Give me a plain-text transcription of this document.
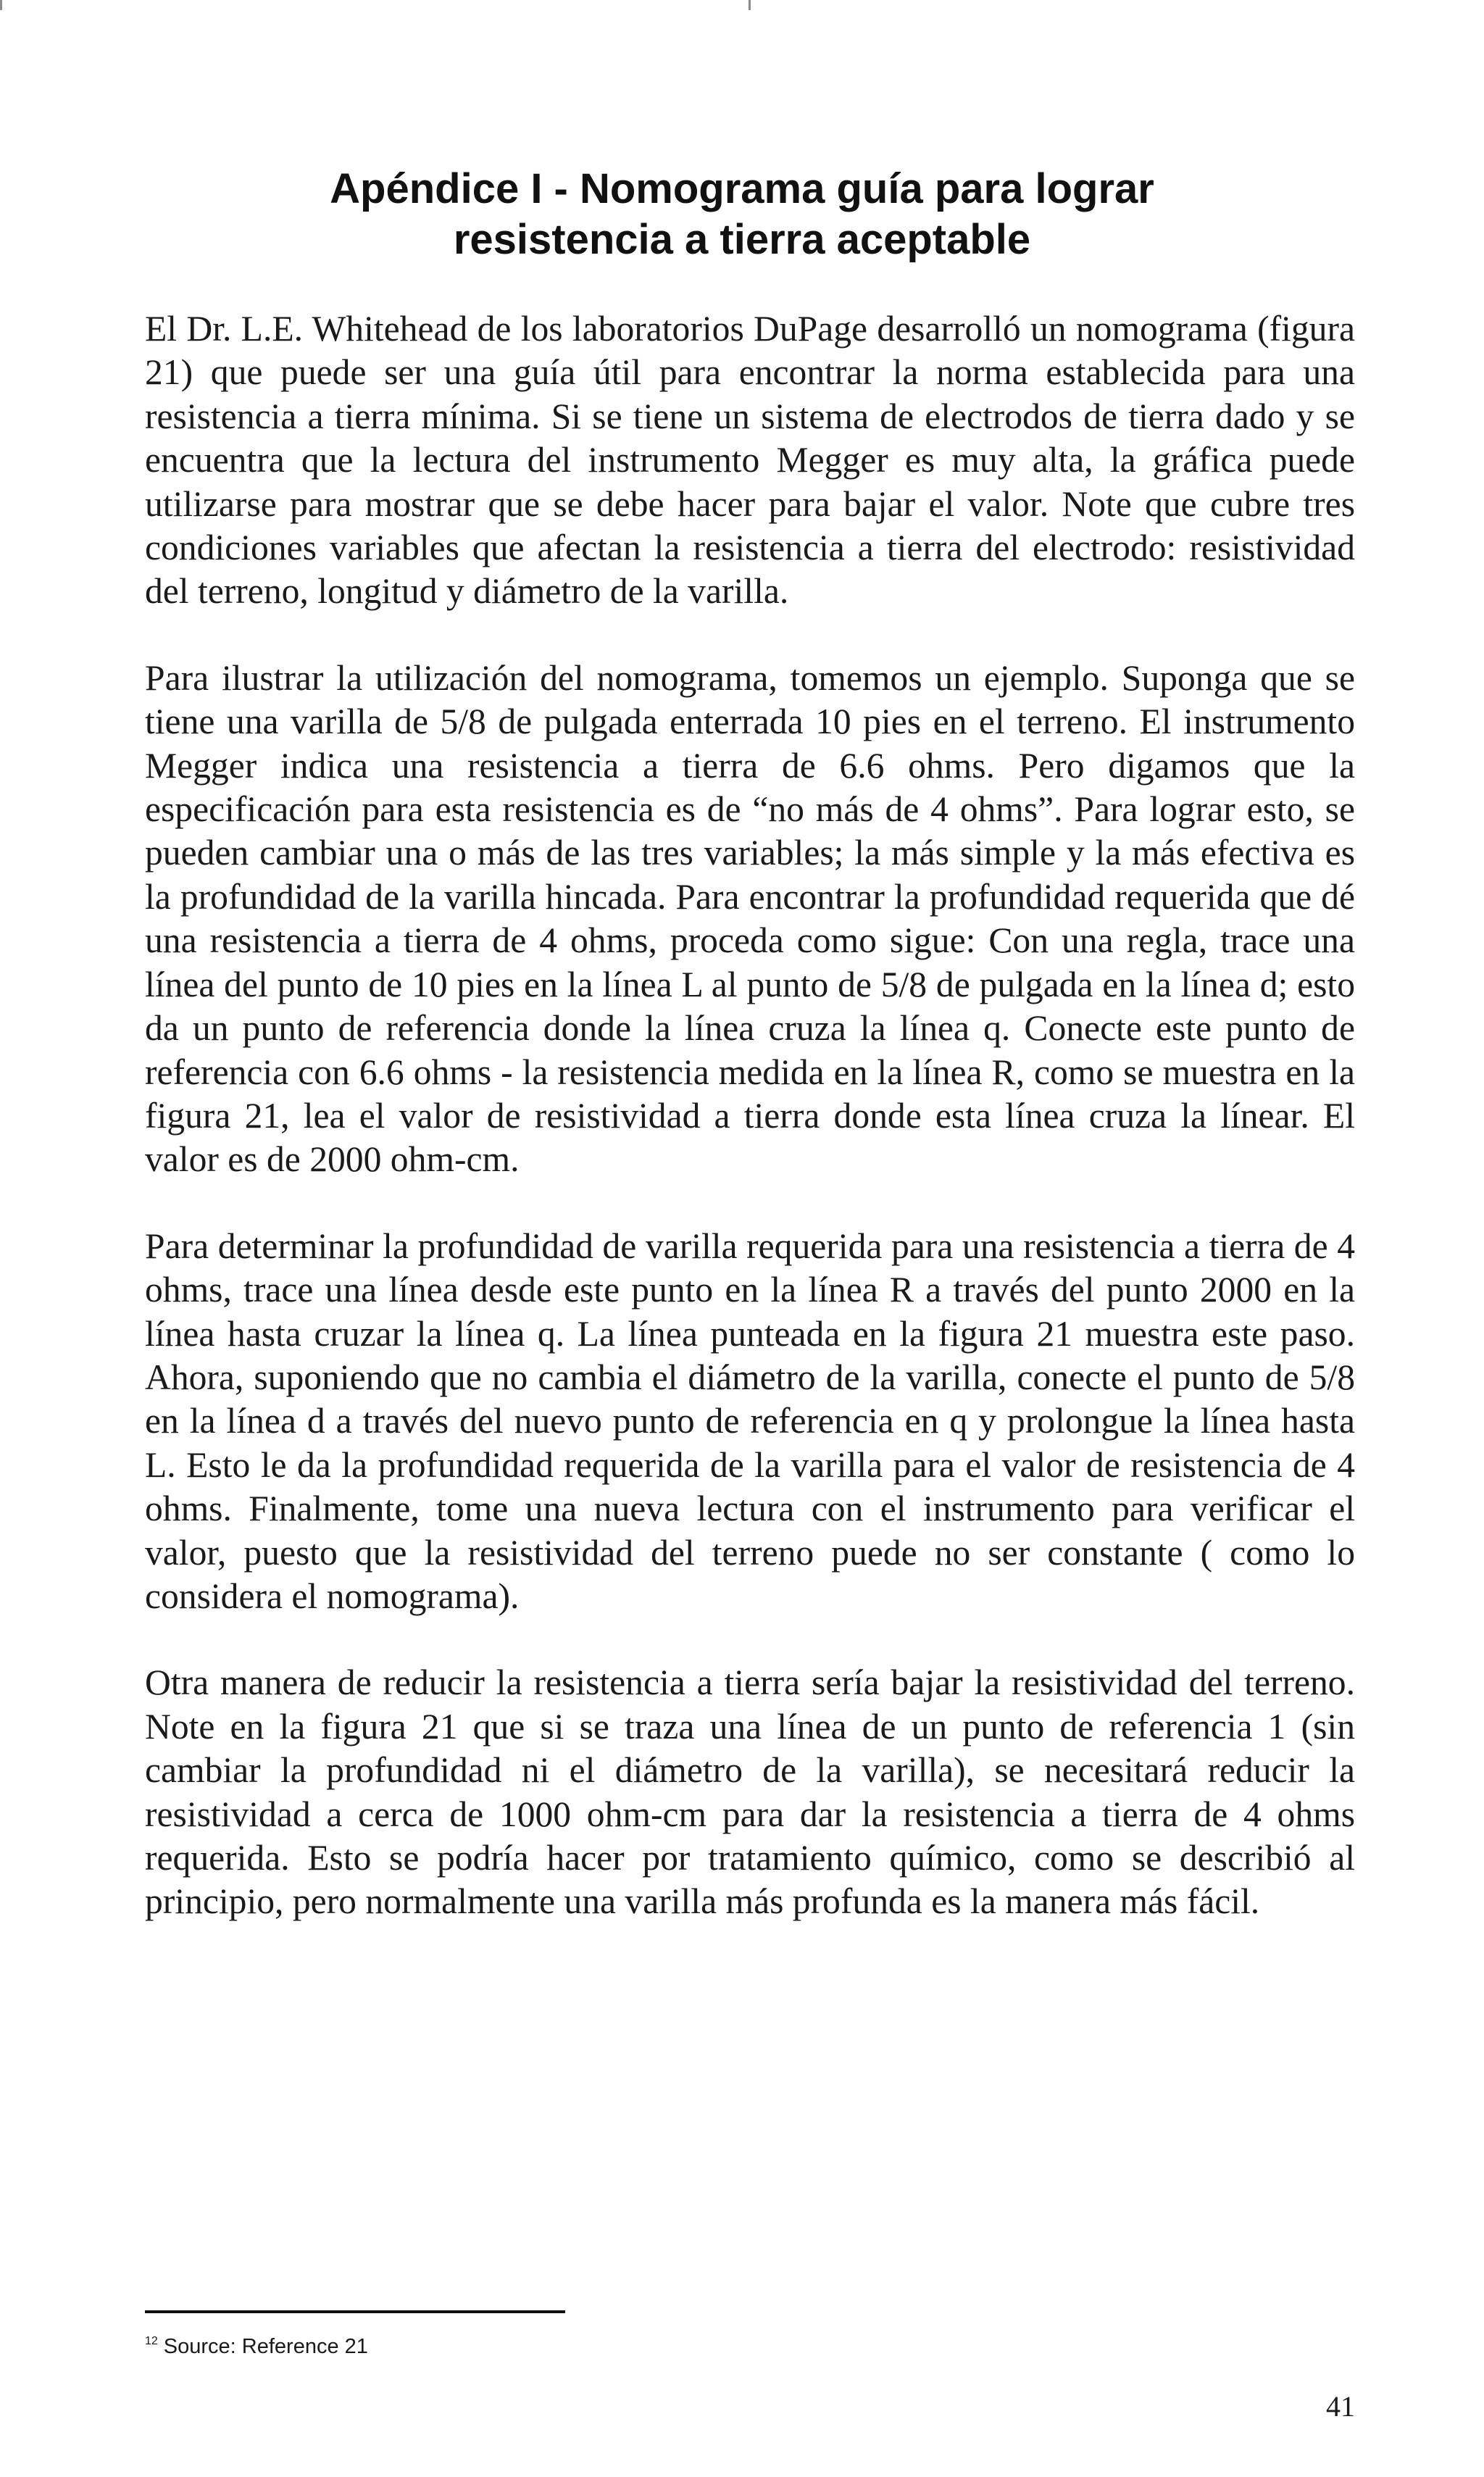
Apéndice I - Nomograma guía para lograr
resistencia a tierra aceptable

El Dr. L.E. Whitehead de los laboratorios DuPage desarrolló un nomograma (figura 21) que puede ser una guía útil para encontrar la norma establecida para una resistencia a tierra mínima. Si se tiene un sistema de electrodos de tierra dado y se encuentra que la lectura del instrumento Megger es muy alta, la gráfica puede utilizarse para mostrar que se debe hacer para bajar el valor. Note que cubre tres condiciones variables que afectan la resistencia a tierra del electrodo: resistividad del terreno, longitud y diámetro de la varilla.

Para ilustrar la utilización del nomograma, tomemos un ejemplo. Suponga que se tiene una varilla de 5/8 de pulgada enterrada 10 pies en el terreno. El instrumento Megger indica una resistencia a tierra de 6.6 ohms. Pero digamos que la especificación para esta resistencia es de “no más de 4 ohms”. Para lograr esto, se pueden cambiar una o más de las tres variables; la más simple y la más efectiva es la profundidad de la varilla hincada. Para encontrar la profundidad requerida que dé una resistencia a tierra de 4 ohms, proceda como sigue: Con una regla, trace una línea del punto de 10 pies en la línea L al punto de 5/8 de pulgada en la línea d; esto da un punto de referencia donde la línea cruza la línea q. Conecte este punto de referencia con 6.6 ohms - la resistencia medida en la línea R, como se muestra en la figura 21, lea el valor de resistividad a tierra donde esta línea cruza la línear. El valor es de 2000 ohm-cm.

Para determinar la profundidad de varilla requerida para una resistencia a tierra de 4 ohms, trace una línea desde este punto en la línea R a través del punto 2000 en la línea hasta cruzar la línea q. La línea punteada en la figura 21 muestra este paso. Ahora, suponiendo que no cambia el diámetro de la varilla, conecte el punto de 5/8 en la línea d a través del nuevo punto de referencia en q y prolongue la línea hasta L. Esto le da la profundidad requerida de la varilla para el valor de resistencia de 4 ohms. Finalmente, tome una nueva lectura con el instrumento para verificar el valor, puesto que la resistividad del terreno puede no ser constante ( como lo considera el nomograma).

Otra manera de reducir la resistencia a tierra sería bajar la resistividad del terreno. Note en la figura 21 que si se traza una línea de un punto de referencia 1 (sin cambiar la profundidad ni el diámetro de la varilla), se necesitará reducir la resistividad a cerca de 1000 ohm-cm para dar la resistencia a tierra de 4 ohms requerida. Esto se podría hacer por tratamiento químico, como se describió al principio, pero normalmente una varilla más profunda es la manera más fácil.

$^{12}$ Source: Reference 21
41
